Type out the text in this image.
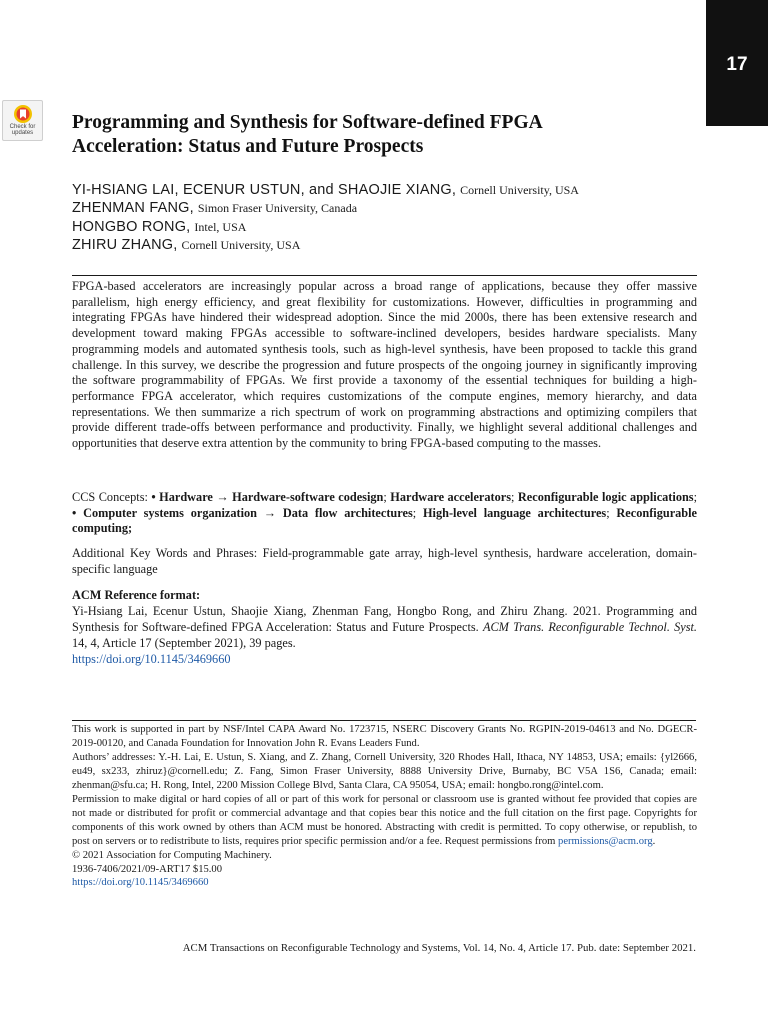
17
Check for
updates	Programming and Synthesis for Software-defined FPGA
Acceleration: Status and Future Prospects

YI-HSIANG LAI, ECENUR USTUN, and SHAOJIE XIANG, Cornell University, USA

ZHENMAN FANG, Simon Fraser University, Canada

HONGBO RONG, Intel, USA

ZHIRU ZHANG, Cornell University, USA

FPGA-based accelerators are increasingly popular across a broad range of applications, because they offer massive parallelism, high energy efficiency, and great flexibility for customizations. However, difficulties in programming and integrating FPGAs have hindered their widespread adoption. Since the mid 2000s, there has been extensive research and development toward making FPGAs accessible to software-inclined developers, besides hardware specialists. Many programming models and automated synthesis tools, such as high-level synthesis, have been proposed to tackle this grand challenge. In this survey, we describe the progression and future prospects of the ongoing journey in significantly improving the software programmability of FPGAs. We first provide a taxonomy of the essential techniques for building a high-performance FPGA accelerator, which requires customizations of the compute engines, memory hierarchy, and data representations. We then summarize a rich spectrum of work on programming abstractions and optimizing compilers that provide different trade-offs between performance and productivity. Finally, we highlight several additional challenges and opportunities that deserve extra attention by the community to bring FPGA-based computing to the masses.

CCS Concepts: • Hardware → Hardware-software codesign; Hardware accelerators; Reconfigurable logic applications; • Computer systems organization → Data flow architectures; High-level language architectures; Reconfigurable computing;

Additional Key Words and Phrases: Field-programmable gate array, high-level synthesis, hardware acceleration, domain-specific language

ACM Reference format:

Yi-Hsiang Lai, Ecenur Ustun, Shaojie Xiang, Zhenman Fang, Hongbo Rong, and Zhiru Zhang. 2021. Programming and Synthesis for Software-defined FPGA Acceleration: Status and Future Prospects. ACM Trans. Reconfigurable Technol. Syst. 14, 4, Article 17 (September 2021), 39 pages.
https://doi.org/10.1145/3469660

This work is supported in part by NSF/Intel CAPA Award No. 1723715, NSERC Discovery Grants No. RGPIN-2019-04613 and No. DGECR-2019-00120, and Canada Foundation for Innovation John R. Evans Leaders Fund.

Authors’ addresses: Y.-H. Lai, E. Ustun, S. Xiang, and Z. Zhang, Cornell University, 320 Rhodes Hall, Ithaca, NY 14853, USA; emails: {yl2666, eu49, sx233, zhiruz}@cornell.edu; Z. Fang, Simon Fraser University, 8888 University Drive, Burnaby, BC V5A 1S6, Canada; email: zhenman@sfu.ca; H. Rong, Intel, 2200 Mission College Blvd, Santa Clara, CA 95054, USA; email: hongbo.rong@intel.com.

Permission to make digital or hard copies of all or part of this work for personal or classroom use is granted without fee provided that copies are not made or distributed for profit or commercial advantage and that copies bear this notice and the full citation on the first page. Copyrights for components of this work owned by others than ACM must be honored. Abstracting with credit is permitted. To copy otherwise, or republish, to post on servers or to redistribute to lists, requires prior specific permission and/or a fee. Request permissions from permissions@acm.org.

© 2021 Association for Computing Machinery.

1936-7406/2021/09-ART17 $15.00

https://doi.org/10.1145/3469660

ACM Transactions on Reconfigurable Technology and Systems, Vol. 14, No. 4, Article 17. Pub. date: September 2021.
